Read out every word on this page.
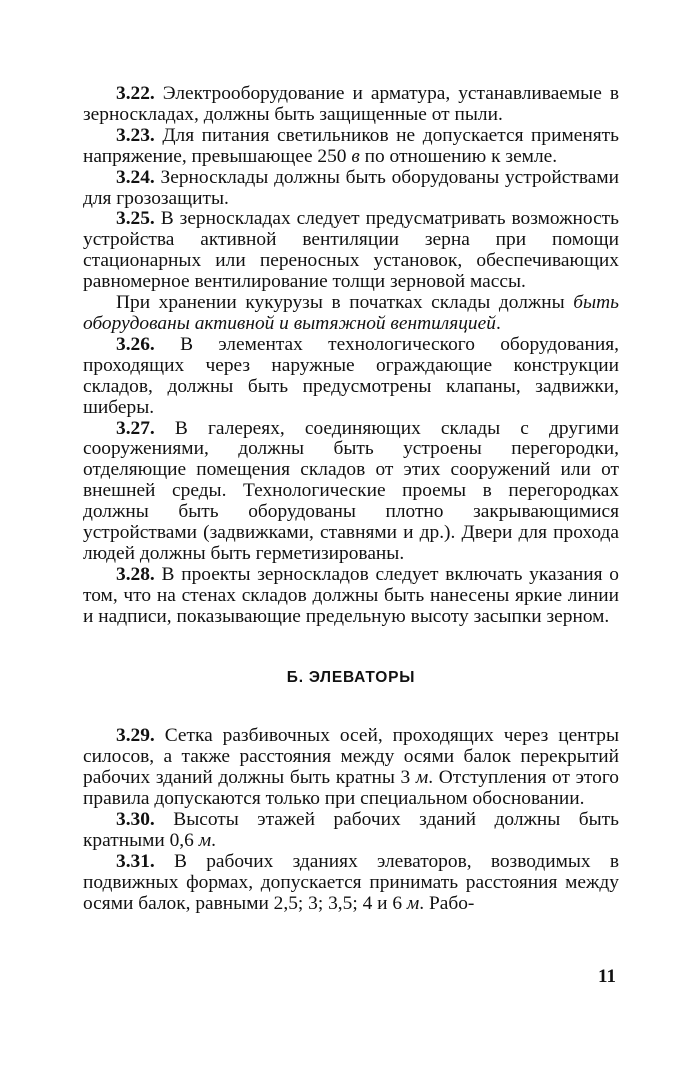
3.22. Электрооборудование и арматура, устанавливаемые в зерноскладах, должны быть защищенные от пыли.

3.23. Для питания светильников не допускается применять напряжение, превышающее 250 в по отношению к земле.

3.24. Зерносклады должны быть оборудованы устройствами для грозозащиты.

3.25. В зерноскладах следует предусматривать возможность устройства активной вентиляции зерна при помощи стационарных или переносных установок, обеспечивающих равномерное вентилирование толщи зерновой массы.

При хранении кукурузы в початках склады должны быть оборудованы активной и вытяжной вентиляцией.

3.26. В элементах технологического оборудования, проходящих через наружные ограждающие конструкции складов, должны быть предусмотрены клапаны, задвижки, шиберы.

3.27. В галереях, соединяющих склады с другими сооружениями, должны быть устроены перегородки, отделяющие помещения складов от этих сооружений или от внешней среды. Технологические проемы в перегородках должны быть оборудованы плотно закрывающимися устройствами (задвижками, ставнями и др.). Двери для прохода людей должны быть герметизированы.

3.28. В проекты зерноскладов следует включать указания о том, что на стенах складов должны быть нанесены яркие линии и надписи, показывающие предельную высоту засыпки зерном.

Б. ЭЛЕВАТОРЫ

3.29. Сетка разбивочных осей, проходящих через центры силосов, а также расстояния между осями балок перекрытий рабочих зданий должны быть кратны 3 м. Отступления от этого правила допускаются только при специальном обосновании.

3.30. Высоты этажей рабочих зданий должны быть кратными 0,6 м.

3.31. В рабочих зданиях элеваторов, возводимых в подвижных формах, допускается принимать расстояния между осями балок, равными 2,5; 3; 3,5; 4 и 6 м. Рабо-

11
